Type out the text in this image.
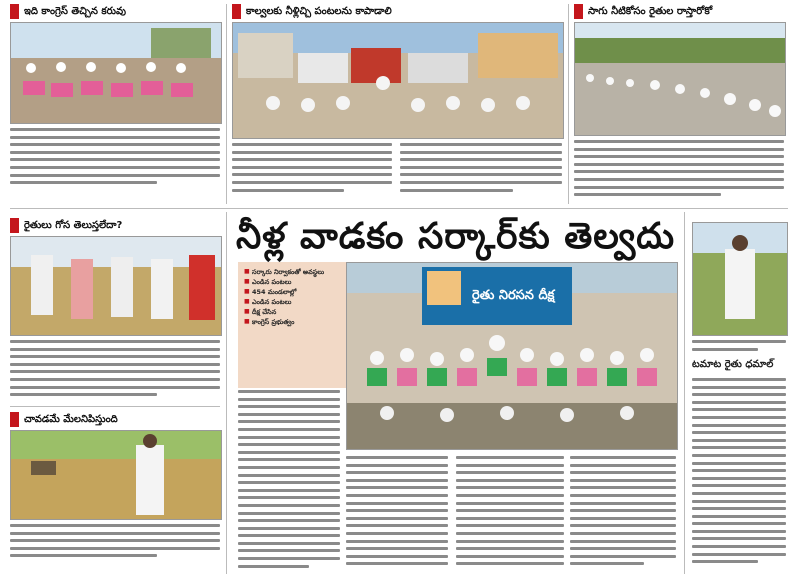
ఇది కాంగ్రెస్ తెచ్చిన కరువు	కాల్వలకు నీళ్లిచ్చి పంటలను కాపాడాలి	సాగు నీటికోసం రైతుల రాస్తారోకో
రైతులు గోస తెలుస్తలేదా?
చావడమే మేలనిపిస్తుంది
నీళ్ల వాడకం సర్కార్‌కు తెల్వదు
■ సర్కారు నిర్వాకంతో అవస్థలు
■ ఎండిన పంటలు
■ 454 మండలాల్లో
■ ఎండిన పంటలు
■ దీక్ష చేసిన
■ కాంగ్రెస్ ప్రభుత్వం
రైతు నిరసన దీక్ష
టమాట రైతు ధమాల్
